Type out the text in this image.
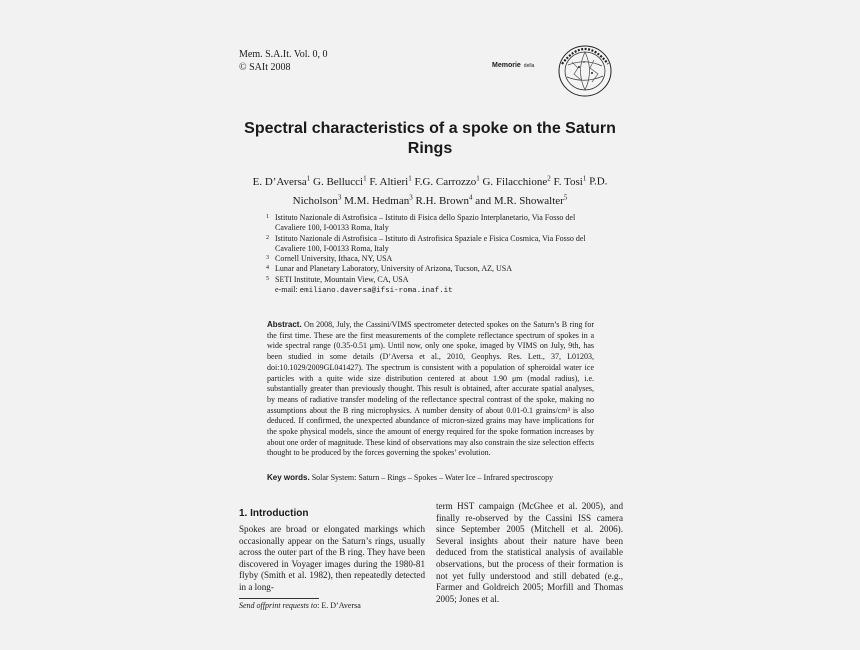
Mem. S.A.It. Vol. 0, 0
© SAIt 2008	Memorie della
Spectral characteristics of a spoke on the Saturn Rings
E. D’Aversa$^1$ G. Bellucci$^1$ F. Altieri$^1$ F.G. Carrozzo$^1$ G. Filacchione$^2$ F. Tosi$^1$ P.D.
Nicholson$^3$ M.M. Hedman$^3$ R.H. Brown$^4$ and M.R. Showalter$^5$
1 Istituto Nazionale di Astrofisica – Istituto di Fisica dello Spazio Interplanetario, Via Fosso del Cavaliere 100, I-00133 Roma, Italy
2 Istituto Nazionale di Astrofisica – Istituto di Astrofisica Spaziale e Fisica Cosmica, Via Fosso del Cavaliere 100, I-00133 Roma, Italy
3 Cornell University, Ithaca, NY, USA
4 Lunar and Planetary Laboratory, University of Arizona, Tucson, AZ, USA
5 SETI Institute, Mountain View, CA, USA
e-mail: emiliano.daversa@ifsi-roma.inaf.it
Abstract. On 2008, July, the Cassini/VIMS spectrometer detected spokes on the Saturn’s B ring for the first time. These are the first measurements of the complete reflectance spectrum of spokes in a wide spectral range (0.35-0.51 μm). Until now, only one spoke, imaged by VIMS on July, 9th, has been studied in some details (D’Aversa et al., 2010, Geophys. Res. Lett., 37, L01203, doi:10.1029/2009GL041427). The spectrum is consistent with a population of spheroidal water ice particles with a quite wide size distribution centered at about 1.90 μm (modal radius), i.e. substantially greater than previously thought. This result is obtained, after accurate spatial analyses, by means of radiative transfer modeling of the reflectance spectral contrast of the spoke, making no assumptions about the B ring microphysics. A number density of about 0.01-0.1 grains/cm³ is also deduced. If confirmed, the unexpected abundance of micron-sized grains may have implications for the spoke physical models, since the amount of energy required for the spoke formation increases by about one order of magnitude. These kind of observations may also constrain the size selection effects thought to be produced by the forces governing the spokes’ evolution.
Key words. Solar System: Saturn – Rings – Spokes – Water Ice – Infrared spectroscopy
1. Introduction
Spokes are broad or elongated markings which occasionally appear on the Saturn’s rings, usually across the outer part of the B ring. They have been discovered in Voyager images during the 1980-81 flyby (Smith et al. 1982), then repeatedly detected in a long-
term HST campaign (McGhee et al. 2005), and finally re-observed by the Cassini ISS camera since September 2005 (Mitchell et al. 2006). Several insights about their nature have been deduced from the statistical analysis of available observations, but the process of their formation is not yet fully understood and still debated (e.g., Farmer and Goldreich 2005; Morfill and Thomas 2005; Jones et al.
Send offprint requests to: E. D’Aversa
